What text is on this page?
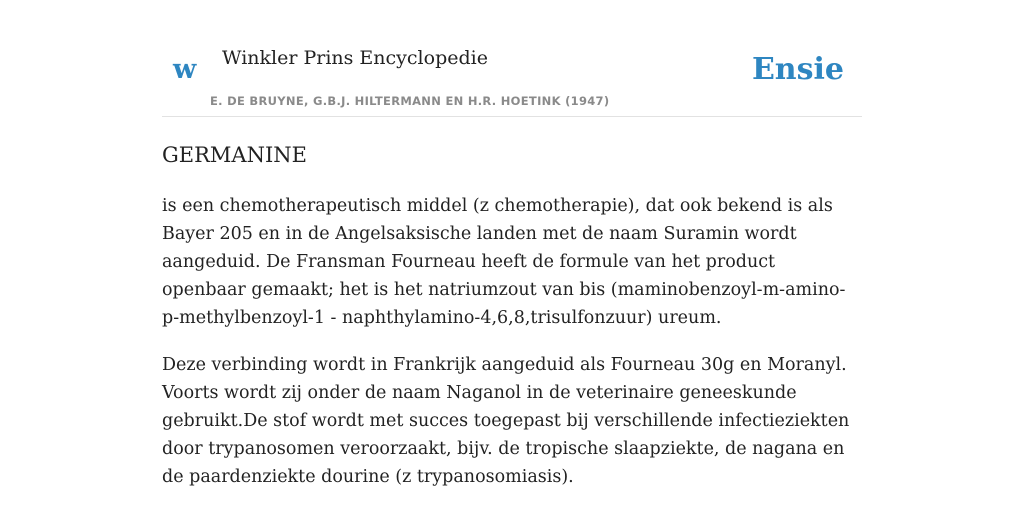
w Winkler Prins Encyclopedie
E. DE BRUYNE, G.B.J. HILTERMANN EN H.R. HOETINK (1947)
Ensie
GERMANINE

is een chemotherapeutisch middel (z chemotherapie), dat ook bekend is als Bayer 205 en in de Angelsaksische landen met de naam Suramin wordt aangeduid. De Fransman Fourneau heeft de formule van het product openbaar gemaakt; het is het natriumzout van bis (maminobenzoyl-m-amino-p-methylbenzoyl-1 - naphthylamino-4,6,8,trisulfonzuur) ureum.

Deze verbinding wordt in Frankrijk aangeduid als Fourneau 30g en Moranyl. Voorts wordt zij onder de naam Naganol in de veterinaire geneeskunde gebruikt.De stof wordt met succes toegepast bij verschillende infectieziekten door trypanosomen veroorzaakt, bijv. de tropische slaapziekte, de nagana en de paardenziekte dourine (z trypanosomiasis).
